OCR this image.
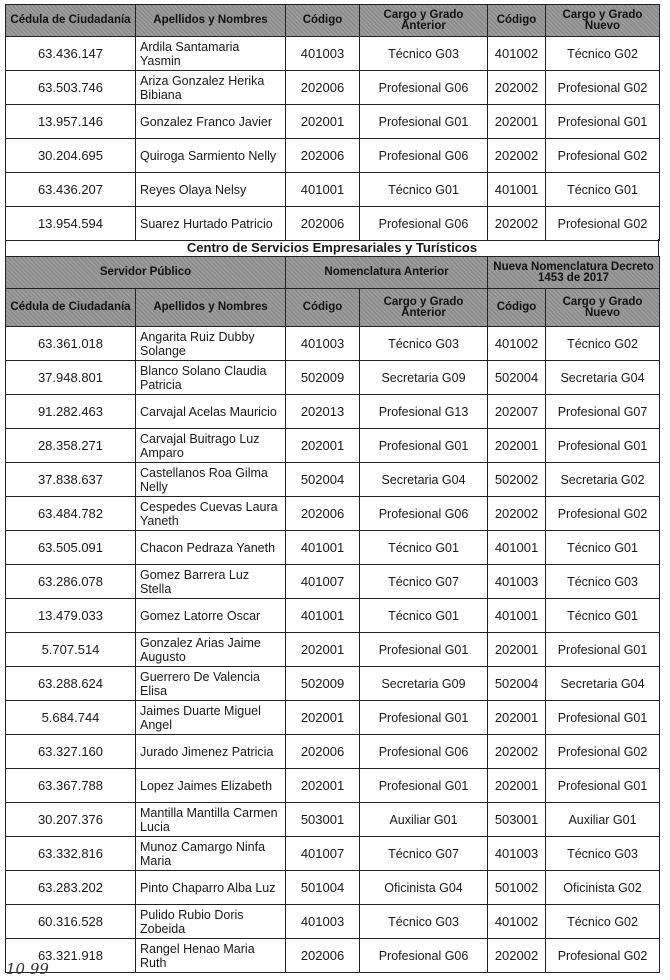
Cédula de Ciudadanía	Apellidos y Nombres	Código	Cargo y Grado Anterior	Código	Cargo y Grado Nuevo
63.436.147	Ardila Santamaria Yasmin	401003	Técnico G03	401002	Técnico G02
63.503.746	Ariza Gonzalez Herika Bibiana	202006	Profesional G06	202002	Profesional G02
13.957.146	Gonzalez Franco Javier	202001	Profesional G01	202001	Profesional G01
30.204.695	Quiroga Sarmiento Nelly	202006	Profesional G06	202002	Profesional G02
63.436.207	Reyes Olaya Nelsy	401001	Técnico G01	401001	Técnico G01
13.954.594	Suarez Hurtado Patricio	202006	Profesional G06	202002	Profesional G02
Centro de Servicios Empresariales y Turísticos
Servidor Público		Nomenclatura Anterior		Nueva Nomenclatura Decreto 1453 de 2017	
Cédula de Ciudadanía	Apellidos y Nombres	Código	Cargo y Grado Anterior	Código	Cargo y Grado Nuevo
63.361.018	Angarita Ruiz Dubby Solange	401003	Técnico G03	401002	Técnico G02
37.948.801	Blanco Solano Claudia Patricia	502009	Secretaria G09	502004	Secretaria G04
91.282.463	Carvajal Acelas Mauricio	202013	Profesional G13	202007	Profesional G07
28.358.271	Carvajal Buitrago Luz Amparo	202001	Profesional G01	202001	Profesional G01
37.838.637	Castellanos Roa Gilma Nelly	502004	Secretaria G04	502002	Secretaria G02
63.484.782	Cespedes Cuevas Laura Yaneth	202006	Profesional G06	202002	Profesional G02
63.505.091	Chacon Pedraza Yaneth	401001	Técnico G01	401001	Técnico G01
63.286.078	Gomez Barrera Luz Stella	401007	Técnico G07	401003	Técnico G03
13.479.033	Gomez Latorre Oscar	401001	Técnico G01	401001	Técnico G01
5.707.514	Gonzalez Arias Jaime Augusto	202001	Profesional G01	202001	Profesional G01
63.288.624	Guerrero De Valencia Elisa	502009	Secretaria G09	502004	Secretaria G04
5.684.744	Jaimes Duarte Miguel Angel	202001	Profesional G01	202001	Profesional G01
63.327.160	Jurado Jimenez Patricia	202006	Profesional G06	202002	Profesional G02
63.367.788	Lopez Jaimes Elizabeth	202001	Profesional G01	202001	Profesional G01
30.207.376	Mantilla Mantilla Carmen Lucia	503001	Auxiliar G01	503001	Auxiliar G01
63.332.816	Munoz Camargo Ninfa Maria	401007	Técnico G07	401003	Técnico G03
63.283.202	Pinto Chaparro Alba Luz	501004	Oficinista G04	501002	Oficinista G02
60.316.528	Pulido Rubio Doris Zobeida	401003	Técnico G03	401002	Técnico G02
63.321.918	Rangel Henao Maria Ruth	202006	Profesional G06	202002	Profesional G02
10 99
